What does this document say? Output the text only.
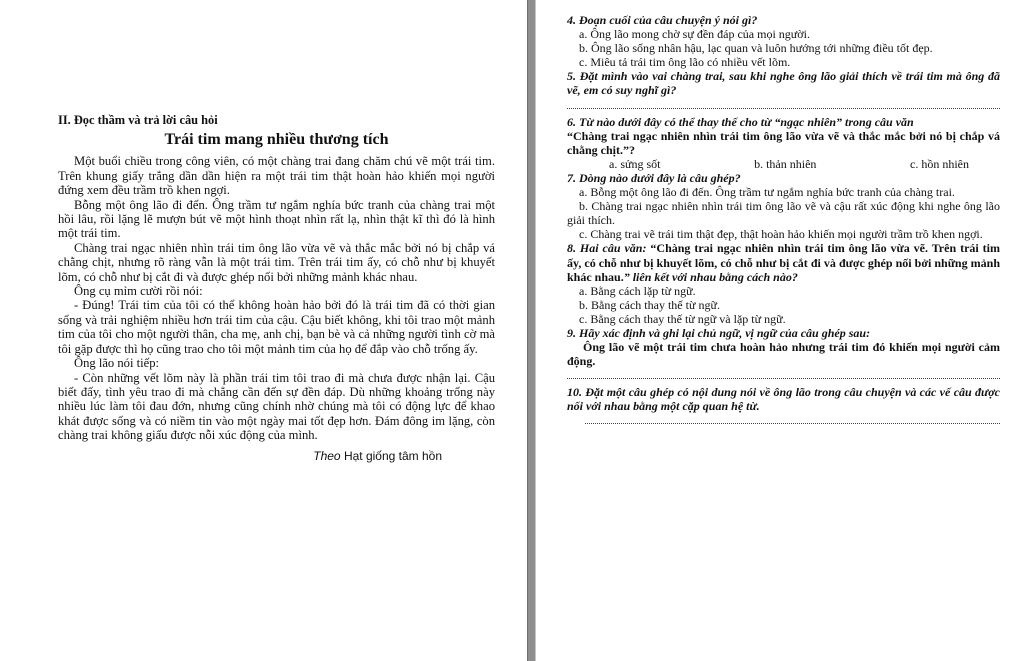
II. Đọc thầm và trả lời câu hỏi

Trái tim mang nhiều thương tích

Một buổi chiều trong công viên, có một chàng trai đang chăm chú vẽ một trái tim. Trên khung giấy trắng dần dần hiện ra một trái tim thật hoàn hảo khiến mọi người đứng xem đều trầm trồ khen ngợi.

Bỗng một ông lão đi đến. Ông trầm tư ngắm nghía bức tranh của chàng trai một hồi lâu, rồi lặng lẽ mượn bút vẽ một hình thoạt nhìn rất lạ, nhìn thật kĩ thì đó là hình một trái tim.

Chàng trai ngạc nhiên nhìn trái tim ông lão vừa vẽ và thắc mắc bởi nó bị chắp vá chằng chịt, nhưng rõ ràng vẫn là một trái tim. Trên trái tim ấy, có chỗ như bị khuyết lõm, có chỗ như bị cắt đi và được ghép nối bởi những mảnh khác nhau.

Ông cụ mỉm cười rồi nói:

- Đúng! Trái tim của tôi có thể không hoàn hảo bởi đó là trái tim đã có thời gian sống và trải nghiệm nhiều hơn trái tim của cậu. Cậu biết không, khi tôi trao một mảnh tim của tôi cho một người thân, cha mẹ, anh chị, bạn bè và cả những người tình cờ mà tôi gặp được thì họ cũng trao cho tôi một mảnh tim của họ để đắp vào chỗ trống ấy.

Ông lão nói tiếp:

- Còn những vết lõm này là phần trái tim tôi trao đi mà chưa được nhận lại. Cậu biết đấy, tình yêu trao đi mà chẳng cần đến sự đền đáp. Dù những khoảng trống này nhiều lúc làm tôi đau đớn, nhưng cũng chính nhờ chúng mà tôi có động lực để khao khát được sống và có niềm tin vào một ngày mai tốt đẹp hơn. Đám đông im lặng, còn chàng trai không giấu được nỗi xúc động của mình.

Theo Hạt giống tâm hồn

4. Đoạn cuối của câu chuyện ý nói gì?

a. Ông lão mong chờ sự đền đáp của mọi người.

b. Ông lão sống nhân hậu, lạc quan và luôn hướng tới những điều tốt đẹp.

c. Miêu tả trái tim ông lão có nhiều vết lõm.

5. Đặt mình vào vai chàng trai, sau khi nghe ông lão giải thích về trái tim mà ông đã vẽ, em có suy nghĩ gì?

6. Từ nào dưới đây có thể thay thế cho từ “ngạc nhiên” trong câu văn

“Chàng trai ngạc nhiên nhìn trái tim ông lão vừa vẽ và thắc mắc bởi nó bị chắp vá chằng chịt.”?

a. sửng sốt	b. thản nhiên	c. hồn nhiên

7. Dòng nào dưới đây là câu ghép?

a. Bỗng một ông lão đi đến. Ông trầm tư ngắm nghía bức tranh của chàng trai.

b. Chàng trai ngạc nhiên nhìn trái tim ông lão vẽ và cậu rất xúc động khi nghe ông lão giải thích.

c. Chàng trai vẽ trái tim thật đẹp, thật hoàn hảo khiến mọi người trầm trồ khen ngợi.

8. Hai câu văn: “Chàng trai ngạc nhiên nhìn trái tim ông lão vừa vẽ. Trên trái tim ấy, có chỗ như bị khuyết lõm, có chỗ như bị cắt đi và được ghép nối bởi những mảnh khác nhau.” liên kết với nhau bằng cách nào?

a. Bằng cách lặp từ ngữ.

b. Bằng cách thay thế từ ngữ.

c. Bằng cách thay thế từ ngữ và lặp từ ngữ.

9. Hãy xác định và ghi lại chủ ngữ, vị ngữ của câu ghép sau:

Ông lão vẽ một trái tim chưa hoàn hảo nhưng trái tim đó khiến mọi người cảm động.

10. Đặt một câu ghép có nội dung nói về ông lão trong câu chuyện và các vế câu được nối với nhau bằng một cặp quan hệ từ.
